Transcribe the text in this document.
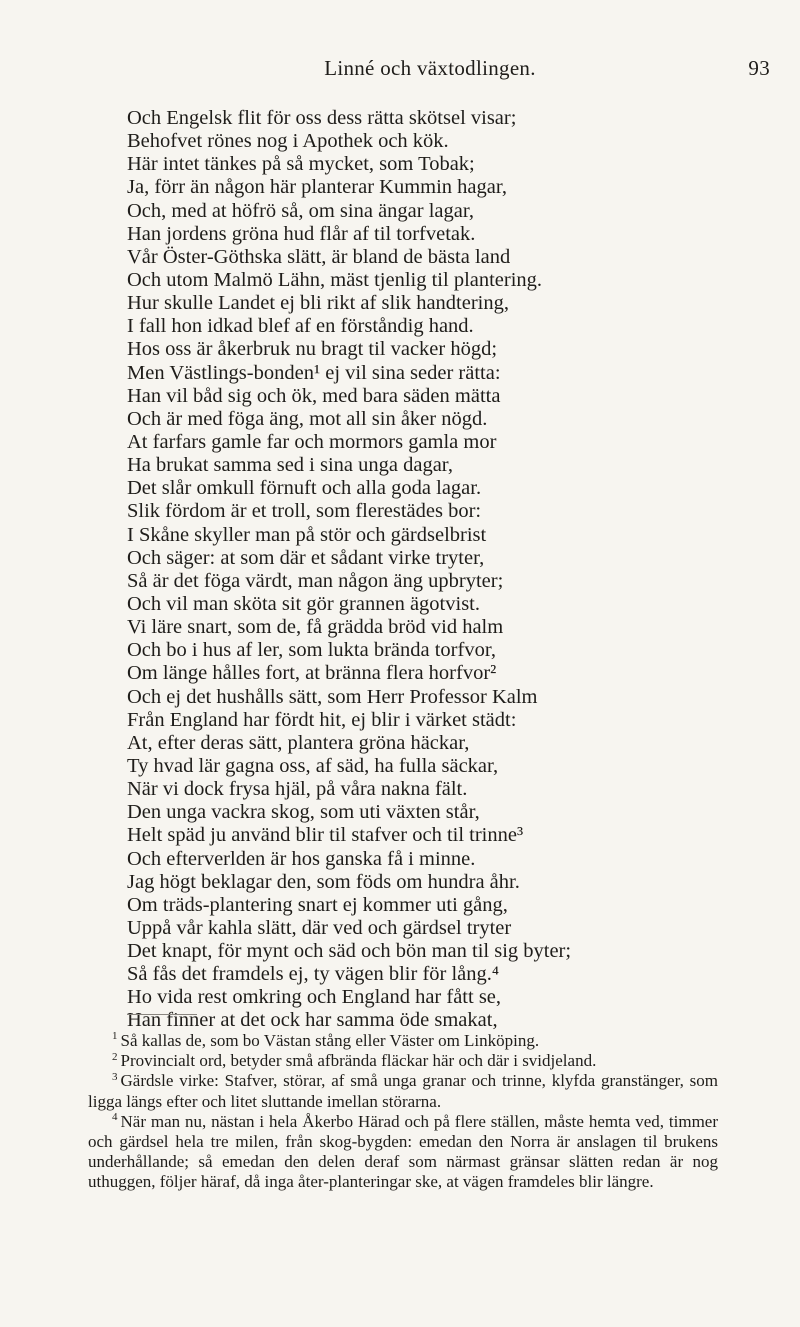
Linné och växtodlingen.	93
Och Engelsk flit för oss dess rätta skötsel visar;
Behofvet rönes nog i Apothek och kök.
Här intet tänkes på så mycket, som Tobak;
Ja, förr än någon här planterar Kummin hagar,
Och, med at höfrö så, om sina ängar lagar,
Han jordens gröna hud flår af til torfvetak.
Vår Öster-Göthska slätt, är bland de bästa land
Och utom Malmö Lähn, mäst tjenlig til plantering.
Hur skulle Landet ej bli rikt af slik handtering,
I fall hon idkad blef af en förståndig hand.
Hos oss är åkerbruk nu bragt til vacker högd;
Men Västlings-bonden¹ ej vil sina seder rätta:
Han vil båd sig och ök, med bara säden mätta
Och är med föga äng, mot all sin åker nögd.
At farfars gamle far och mormors gamla mor
Ha brukat samma sed i sina unga dagar,
Det slår omkull förnuft och alla goda lagar.
Slik fördom är et troll, som flerestädes bor:
I Skåne skyller man på stör och gärdselbrist
Och säger: at som där et sådant virke tryter,
Så är det föga värdt, man någon äng upbryter;
Och vil man sköta sit gör grannen ägotvist.
Vi läre snart, som de, få grädda bröd vid halm
Och bo i hus af ler, som lukta brända torfvor,
Om länge hålles fort, at bränna flera horfvor²
Och ej det hushålls sätt, som Herr Professor Kalm
Från England har fördt hit, ej blir i värket städt:
At, efter deras sätt, plantera gröna häckar,
Ty hvad lär gagna oss, af säd, ha fulla säckar,
När vi dock frysa hjäl, på våra nakna fält.
Den unga vackra skog, som uti växten står,
Helt späd ju använd blir til stafver och til trinne³
Och efterverlden är hos ganska få i minne.
Jag högt beklagar den, som föds om hundra åhr.
Om träds-plantering snart ej kommer uti gång,
Uppå vår kahla slätt, där ved och gärdsel tryter
Det knapt, för mynt och säd och bön man til sig byter;
Så fås det framdels ej, ty vägen blir för lång.⁴
Ho vida rest omkring och England har fått se,
Han finner at det ock har samma öde smakat,

$^1$ Så kallas de, som bo Västan stång eller Väster om Linköping.

$^2$ Provincialt ord, betyder små afbrända fläckar här och där i svidjeland.

$^3$ Gärdsle virke: Stafver, störar, af små unga granar och trinne, klyfda granstänger, som ligga längs efter och litet sluttande imellan störarna.

$^4$ När man nu, nästan i hela Åkerbo Härad och på flere ställen, måste hemta ved, timmer och gärdsel hela tre milen, från skog-bygden: emedan den Norra är anslagen til brukens underhållande; så emedan den delen deraf som närmast gränsar slätten redan är nog uthuggen, följer häraf, då inga åter-planteringar ske, at vägen framdeles blir längre.
